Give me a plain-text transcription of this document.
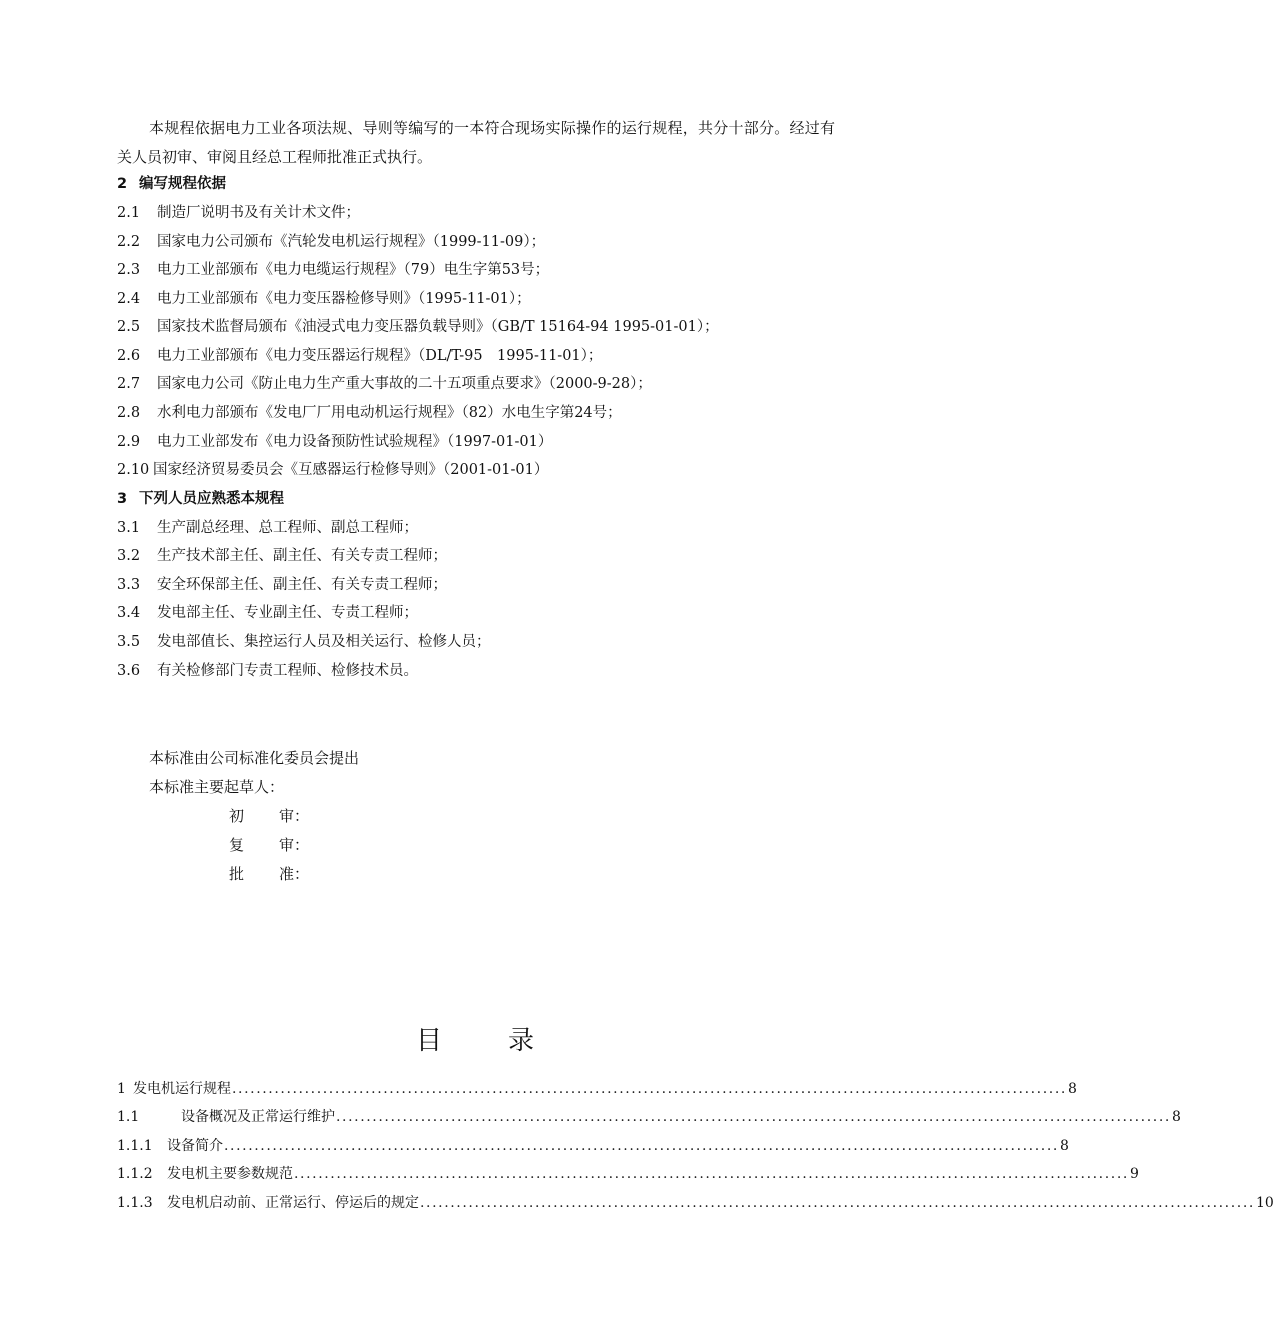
本规程依据电力工业各项法规、导则等编写的一本符合现场实际操作的运行规程，共分十部分。经过有关人员初审、审阅且经总工程师批准正式执行。

2 编写规程依据
2.1 制造厂说明书及有关计术文件；
2.2 国家电力公司颁布《汽轮发电机运行规程》（1999-11-09）；
2.3 电力工业部颁布《电力电缆运行规程》（79）电生字第53号；
2.4 电力工业部颁布《电力变压器检修导则》（1995-11-01）；
2.5 国家技术监督局颁布《油浸式电力变压器负载导则》（GB/T 15164-94 1995-01-01）；
2.6 电力工业部颁布《电力变压器运行规程》（DL/T-95　1995-11-01）；
2.7 国家电力公司《防止电力生产重大事故的二十五项重点要求》（2000-9-28）；
2.8 水利电力部颁布《发电厂厂用电动机运行规程》（82）水电生字第24号；
2.9 电力工业部发布《电力设备预防性试验规程》（1997-01-01）
2.10 国家经济贸易委员会《互感器运行检修导则》（2001-01-01）
3 下列人员应熟悉本规程
3.1 生产副总经理、总工程师、副总工程师；
3.2 生产技术部主任、副主任、有关专责工程师；
3.3 安全环保部主任、副主任、有关专责工程师；
3.4 发电部主任、专业副主任、专责工程师；
3.5 发电部值长、集控运行人员及相关运行、检修人员；
3.6 有关检修部门专责工程师、检修技术员。
本标准由公司标准化委员会提出
本标准主要起草人：
初 审：
复 审：
批 准：
目	录
1 发电机运行规程 .......................................................................................................................................... 8
1.1	设备概况及正常运行维护 .......................................................................................................................................... 8
1.1.1 设备简介 .......................................................................................................................................... 8
1.1.2 发电机主要参数规范 .......................................................................................................................................... 9
1.1.3 发电机启动前、正常运行、停运后的规定 .......................................................................................................................................... 10
